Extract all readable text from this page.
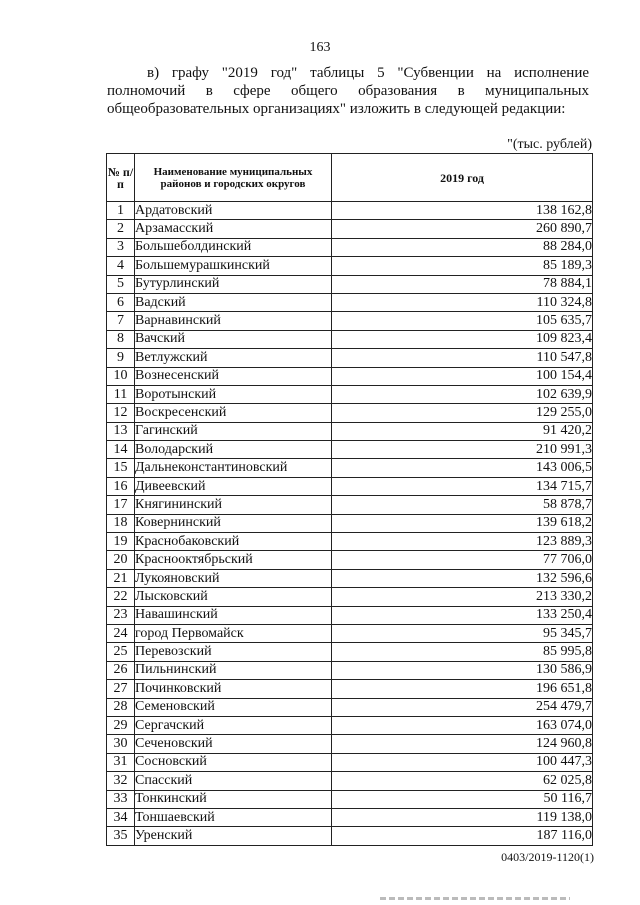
163
в) графу "2019 год" таблицы 5 "Субвенции на исполнение
полномочий в сфере общего образования в муниципальных
общеобразовательных организациях" изложить в следующей редакции:
"(тыс. рублей)
№ п/п	Наименование муниципальных районов и городских округов	2019 год
1	Ардатовский	138 162,8
2	Арзамасский	260 890,7
3	Большеболдинский	88 284,0
4	Большемурашкинский	85 189,3
5	Бутурлинский	78 884,1
6	Вадский	110 324,8
7	Варнавинский	105 635,7
8	Вачский	109 823,4
9	Ветлужский	110 547,8
10	Вознесенский	100 154,4
11	Воротынский	102 639,9
12	Воскресенский	129 255,0
13	Гагинский	91 420,2
14	Володарский	210 991,3
15	Дальнеконстантиновский	143 006,5
16	Дивеевский	134 715,7
17	Княгининский	58 878,7
18	Ковернинский	139 618,2
19	Краснобаковский	123 889,3
20	Краснооктябрьский	77 706,0
21	Лукояновский	132 596,6
22	Лысковский	213 330,2
23	Навашинский	133 250,4
24	город Первомайск	95 345,7
25	Перевозский	85 995,8
26	Пильнинский	130 586,9
27	Починковский	196 651,8
28	Семеновский	254 479,7
29	Сергачский	163 074,0
30	Сеченовский	124 960,8
31	Сосновский	100 447,3
32	Спасский	62 025,8
33	Тонкинский	50 116,7
34	Тоншаевский	119 138,0
35	Уренский	187 116,0
0403/2019-1120(1)
